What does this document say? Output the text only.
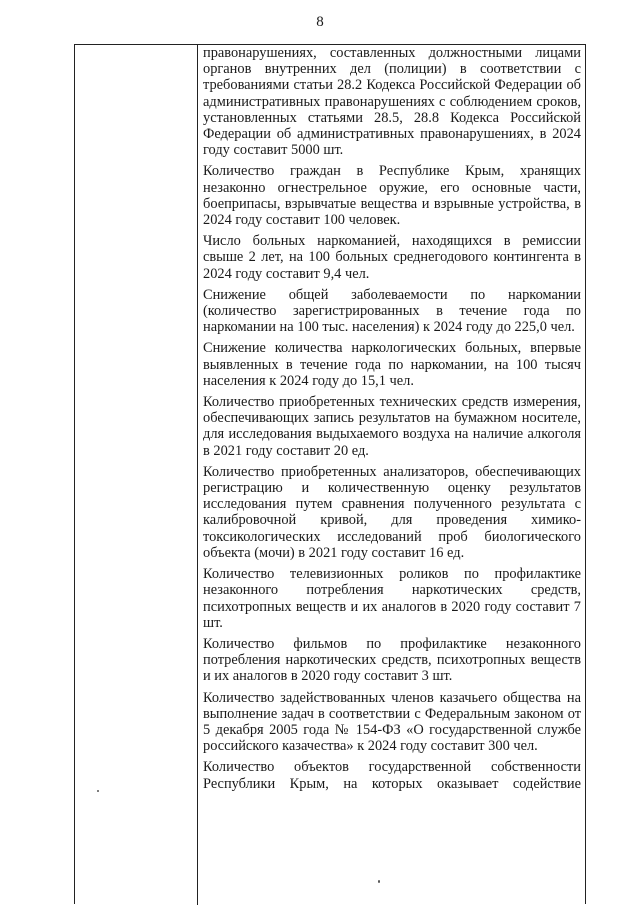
8

правонарушениях, составленных должностными лицами органов внутренних дел (полиции) в соответствии с требованиями статьи 28.2 Кодекса Российской Федерации об административных правонарушениях с соблюдением сроков, установленных статьями 28.5, 28.8 Кодекса Российской Федерации об административных правонарушениях, в 2024 году составит 5000 шт.

Количество граждан в Республике Крым, хранящих незаконно огнестрельное оружие, его основные части, боеприпасы, взрывчатые вещества и взрывные устройства, в 2024 году составит 100 человек.

Число больных наркоманией, находящихся в ремиссии свыше 2 лет, на 100 больных среднегодового контингента в 2024 году составит 9,4 чел.

Снижение общей заболеваемости по наркомании (количество зарегистрированных в течение года по наркомании на 100 тыс. населения) к 2024 году до 225,0 чел.

Снижение количества наркологических больных, впервые выявленных в течение года по наркомании, на 100 тысяч населения к 2024 году до 15,1 чел.

Количество приобретенных технических средств измерения, обеспечивающих запись результатов на бумажном носителе, для исследования выдыхаемого воздуха на наличие алкоголя в 2021 году составит 20 ед.

Количество приобретенных анализаторов, обеспечивающих регистрацию и количественную оценку результатов исследования путем сравнения полученного результата с калибровочной кривой, для проведения химико-токсикологических исследований проб биологического объекта (мочи) в 2021 году составит 16 ед.

Количество телевизионных роликов по профилактике незаконного потребления наркотических средств, психотропных веществ и их аналогов в 2020 году составит 7 шт.

Количество фильмов по профилактике незаконного потребления наркотических средств, психотропных веществ и их аналогов в 2020 году составит 3 шт.

Количество задействованных членов казачьего общества на выполнение задач в соответствии с Федеральным законом от 5 декабря 2005 года № 154-ФЗ «О государственной службе российского казачества» к 2024 году составит 300 чел.

Количество объектов государственной собственности Республики Крым, на которых оказывает содействие
